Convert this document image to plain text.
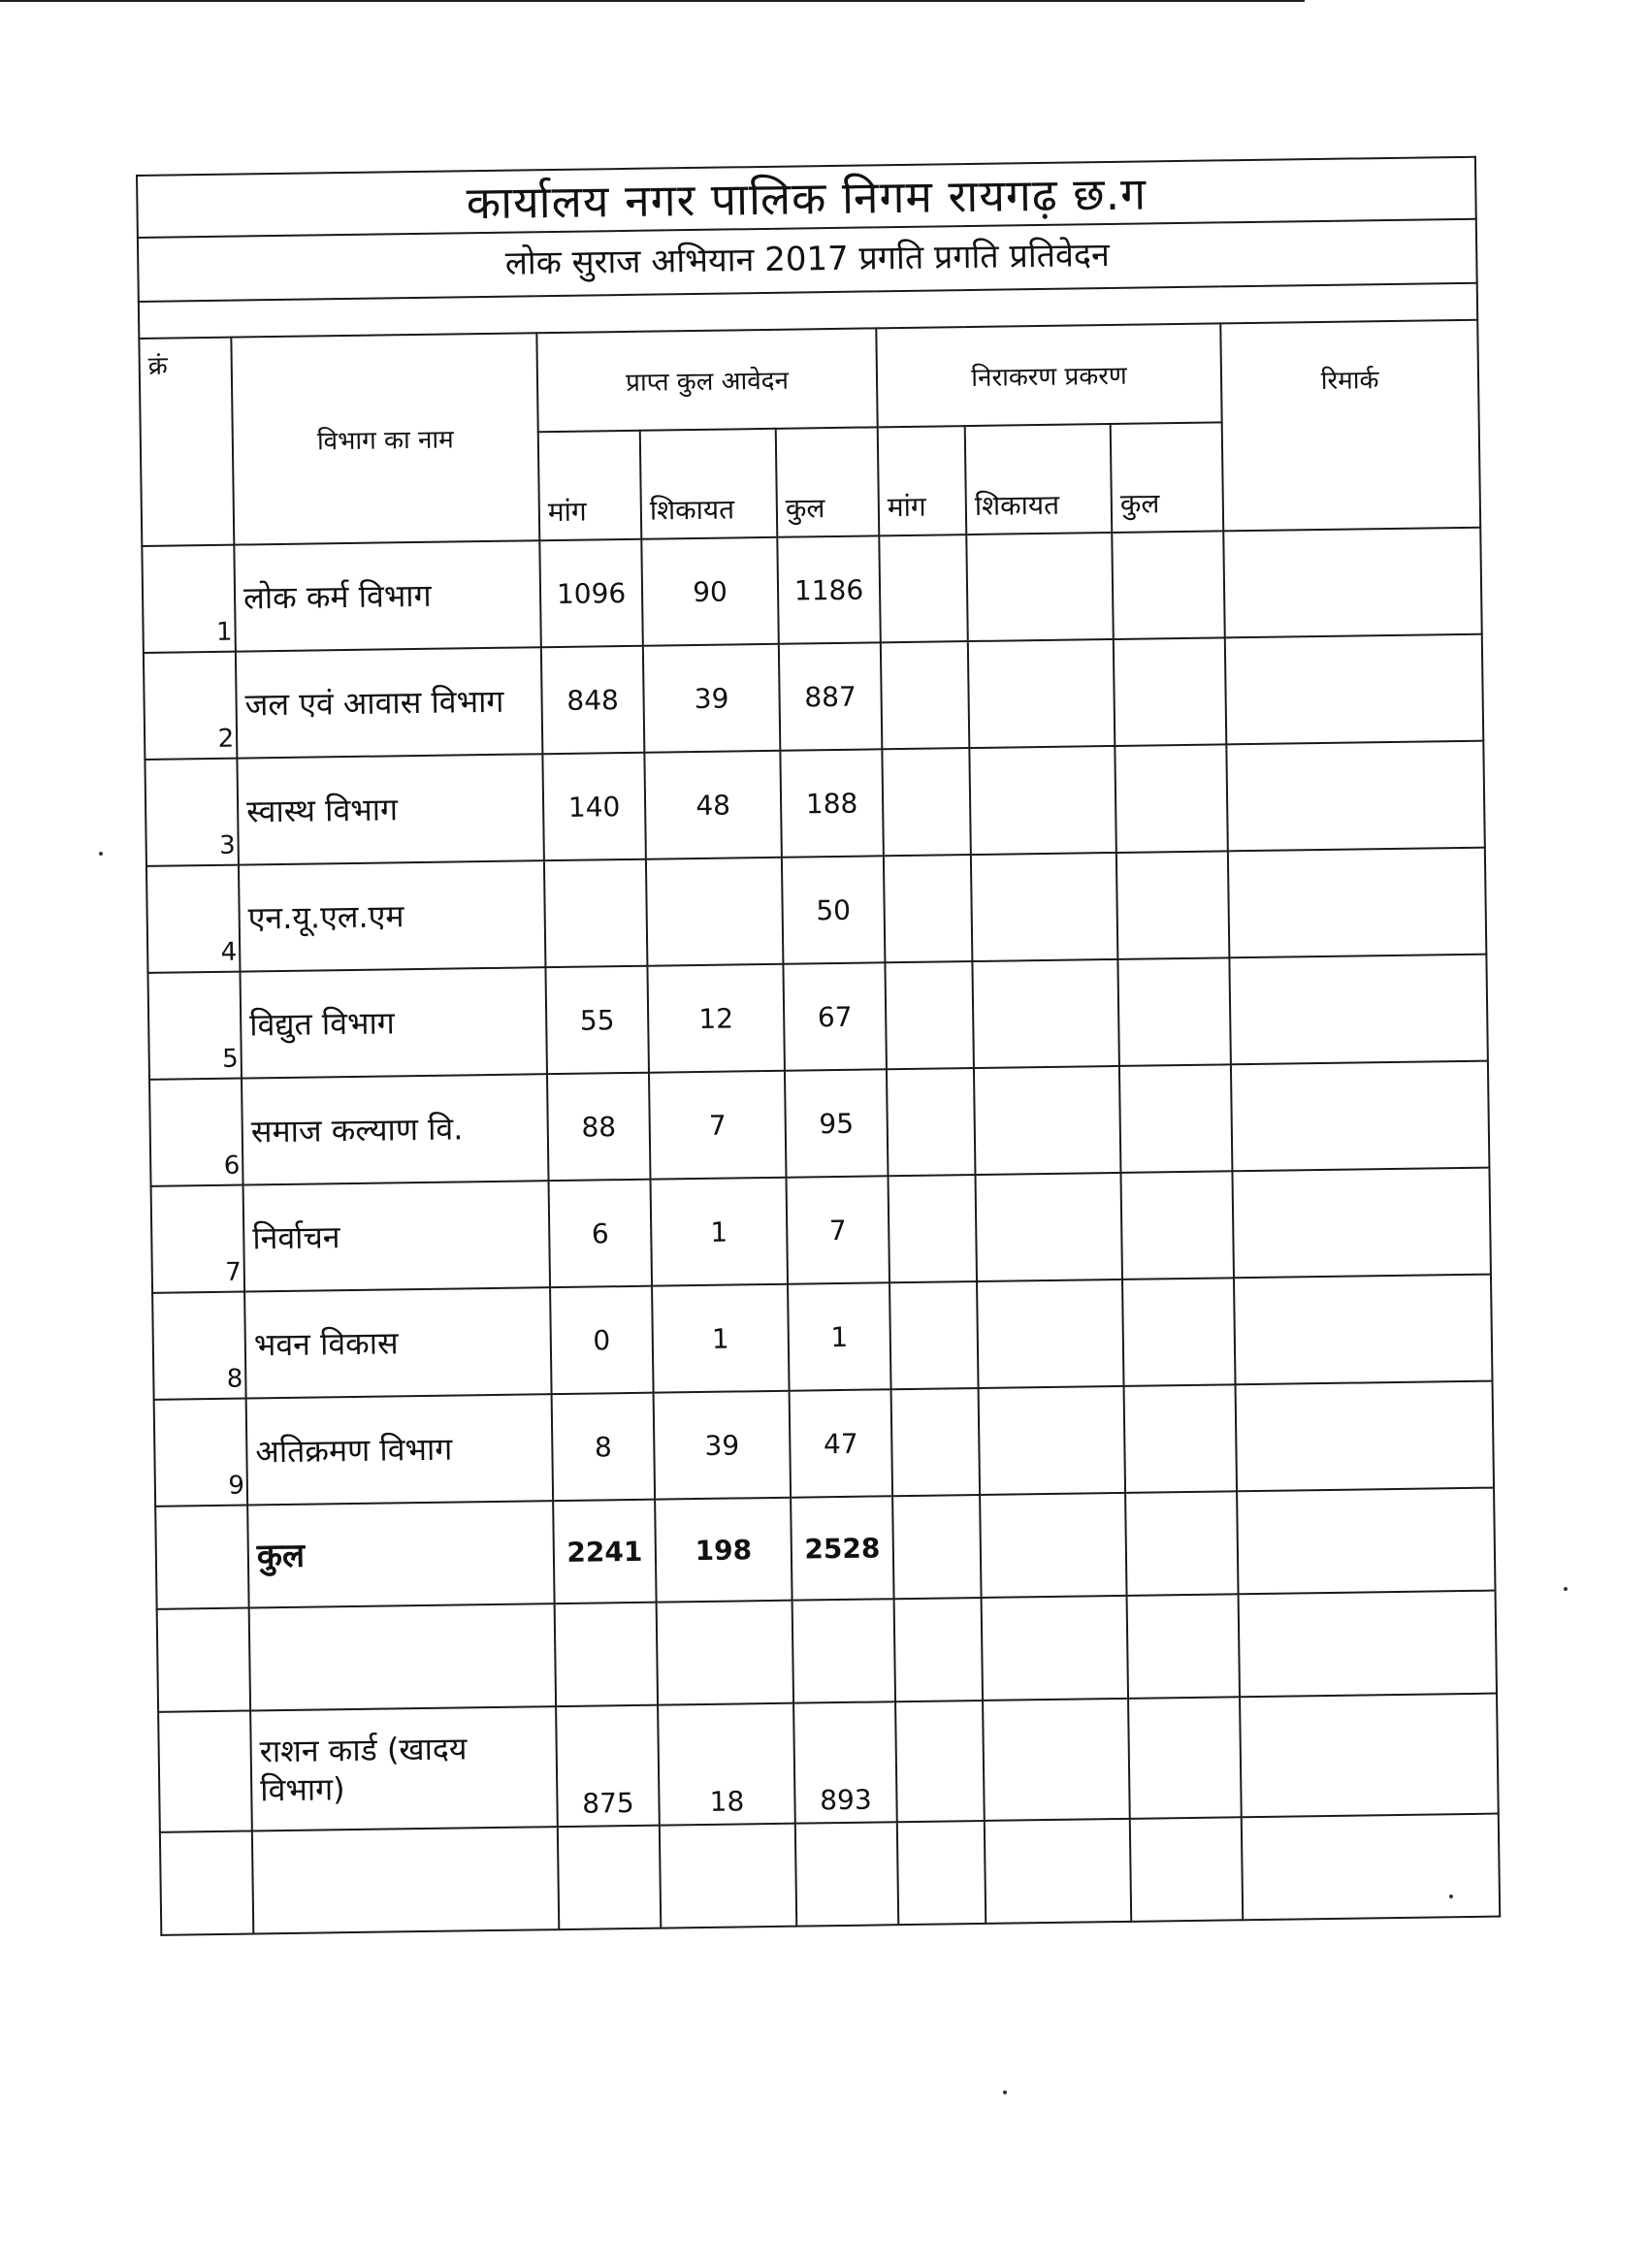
कार्यालय नगर पालिक निगम रायगढ़ छ.ग								
लोक सुराज अभियान 2017 प्रगति प्रगति प्रतिवेदन								

क्रं	विभाग का नाम	प्राप्त कुल आवेदन			निराकरण प्रकरण			रिमार्क
		मांग	शिकायत	कुल	मांग	शिकायत	कुल	
1	लोक कर्म विभाग	1096	90	1186				
2	जल एवं आवास विभाग	848	39	887				
3	स्वास्थ विभाग	140	48	188				
4	एन.यू.एल.एम			50				
5	विद्युत विभाग	55	12	67				
6	समाज कल्याण वि.	88	7	95				
7	निर्वाचन	6	1	7				
8	भवन विकास	0	1	1				
9	अतिक्रमण विभाग	8	39	47				
	कुल	2241	198	2528				

	राशन कार्ड (खादय विभाग)	875	18	893				
